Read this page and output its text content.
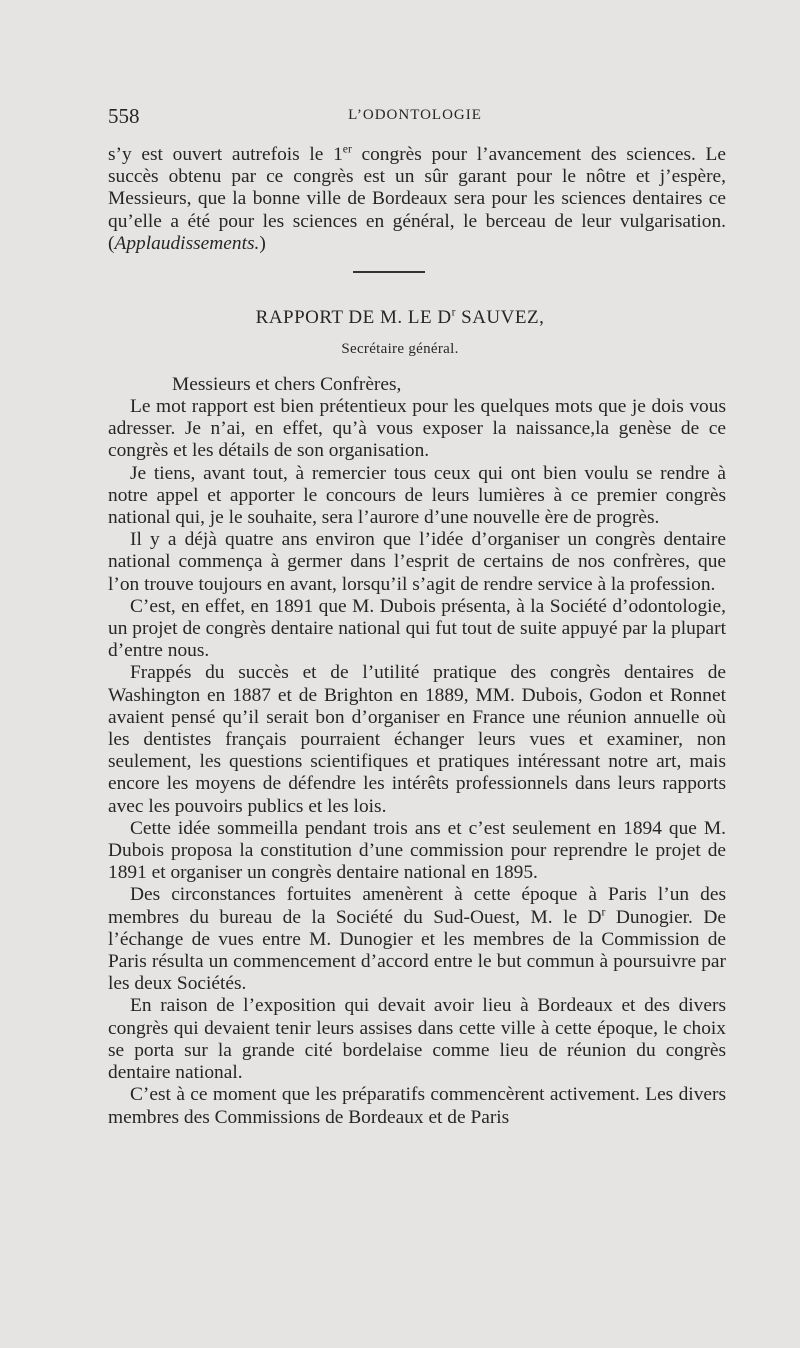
558	L’ODONTOLOGIE

s’y est ouvert autrefois le 1er congrès pour l’avancement des sciences. Le succès obtenu par ce congrès est un sûr garant pour le nôtre et j’espère, Messieurs, que la bonne ville de Bordeaux sera pour les sciences dentaires ce qu’elle a été pour les sciences en général, le berceau de leur vulgarisation. (Applaudissements.)

RAPPORT DE M. LE $D^r$ SAUVEZ,
Secrétaire général.
Messieurs et chers Confrères,

Le mot rapport est bien prétentieux pour les quelques mots que je dois vous adresser. Je n’ai, en effet, qu’à vous exposer la naissance,la genèse de ce congrès et les détails de son organisation.

Je tiens, avant tout, à remercier tous ceux qui ont bien voulu se rendre à notre appel et apporter le concours de leurs lumières à ce premier congrès national qui, je le souhaite, sera l’aurore d’une nouvelle ère de progrès.

Il y a déjà quatre ans environ que l’idée d’organiser un congrès dentaire national commença à germer dans l’esprit de certains de nos confrères, que l’on trouve toujours en avant, lorsqu’il s’agit de rendre service à la profession.

C’est, en effet, en 1891 que M. Dubois présenta, à la Société d’odontologie, un projet de congrès dentaire national qui fut tout de suite appuyé par la plupart d’entre nous.

Frappés du succès et de l’utilité pratique des congrès dentaires de Washington en 1887 et de Brighton en 1889, MM. Dubois, Godon et Ronnet avaient pensé qu’il serait bon d’organiser en France une réunion annuelle où les dentistes français pourraient échanger leurs vues et examiner, non seulement, les questions scientifiques et pratiques intéressant notre art, mais encore les moyens de défendre les intérêts professionnels dans leurs rapports avec les pouvoirs publics et les lois.

Cette idée sommeilla pendant trois ans et c’est seulement en 1894 que M. Dubois proposa la constitution d’une commission pour reprendre le projet de 1891 et organiser un congrès dentaire national en 1895.

Des circonstances fortuites amenèrent à cette époque à Paris l’un des membres du bureau de la Société du Sud-Ouest, M. le $D^r$ Dunogier. De l’échange de vues entre M. Dunogier et les membres de la Commission de Paris résulta un commencement d’accord entre le but commun à poursuivre par les deux Sociétés.

En raison de l’exposition qui devait avoir lieu à Bordeaux et des divers congrès qui devaient tenir leurs assises dans cette ville à cette époque, le choix se porta sur la grande cité bordelaise comme lieu de réunion du congrès dentaire national.

C’est à ce moment que les préparatifs commencèrent activement. Les divers membres des Commissions de Bordeaux et de Paris
